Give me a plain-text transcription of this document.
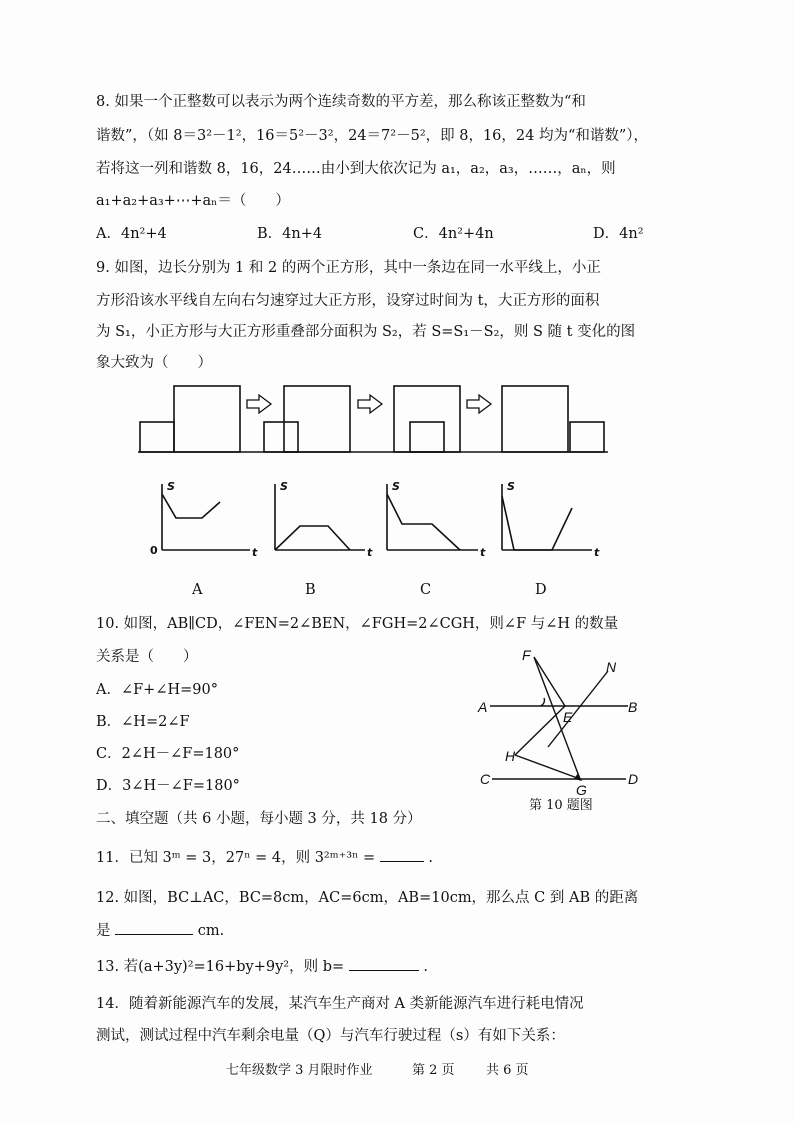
8. 如果一个正整数可以表示为两个连续奇数的平方差，那么称该正整数为“和
谐数”，（如 8＝3²－1²，16＝5²－3²，24＝7²－5²，即 8，16，24 均为“和谐数”），
若将这一列和谐数 8，16，24……由小到大依次记为 a₁，a₂，a₃，……，aₙ，则
a₁+a₂+a₃+⋯+aₙ＝（　　）
A．4n²+4	B．4n+4	C．4n²+4n	D．4n²
9. 如图，边长分别为 1 和 2 的两个正方形，其中一条边在同一水平线上，小正
方形沿该水平线自左向右匀速穿过大正方形，设穿过时间为 t，大正方形的面积
为 S₁，小正方形与大正方形重叠部分面积为 S₂，若 S=S₁－S₂，则 S 随 t 变化的图
象大致为（　　）
S
t
0
S
t
S
t
S
t
A	B	C	D
10. 如图，AB∥CD，∠FEN=2∠BEN，∠FGH=2∠CGH，则∠F 与∠H 的数量
关系是（　　）
A．∠F+∠H=90°
B．∠H=2∠F
C．2∠H－∠F=180°
D．3∠H－∠F=180°
F
N
A
E
B
H
C
G
D
第 10 题图
二、填空题（共 6 小题，每小题 3 分，共 18 分）
11．已知 3ᵐ = 3，27ⁿ = 4，则 3²ᵐ⁺³ⁿ =	.
12. 如图，BC⊥AC，BC=8cm，AC=6cm，AB=10cm，那么点 C 到 AB 的距离
是	cm.
13. 若(a+3y)²=16+by+9y²，则 b=	.
14．随着新能源汽车的发展，某汽车生产商对 A 类新能源汽车进行耗电情况
测试，测试过程中汽车剩余电量（Q）与汽车行驶过程（s）有如下关系：
七年级数学 3 月限时作业	第 2 页 共 6 页
